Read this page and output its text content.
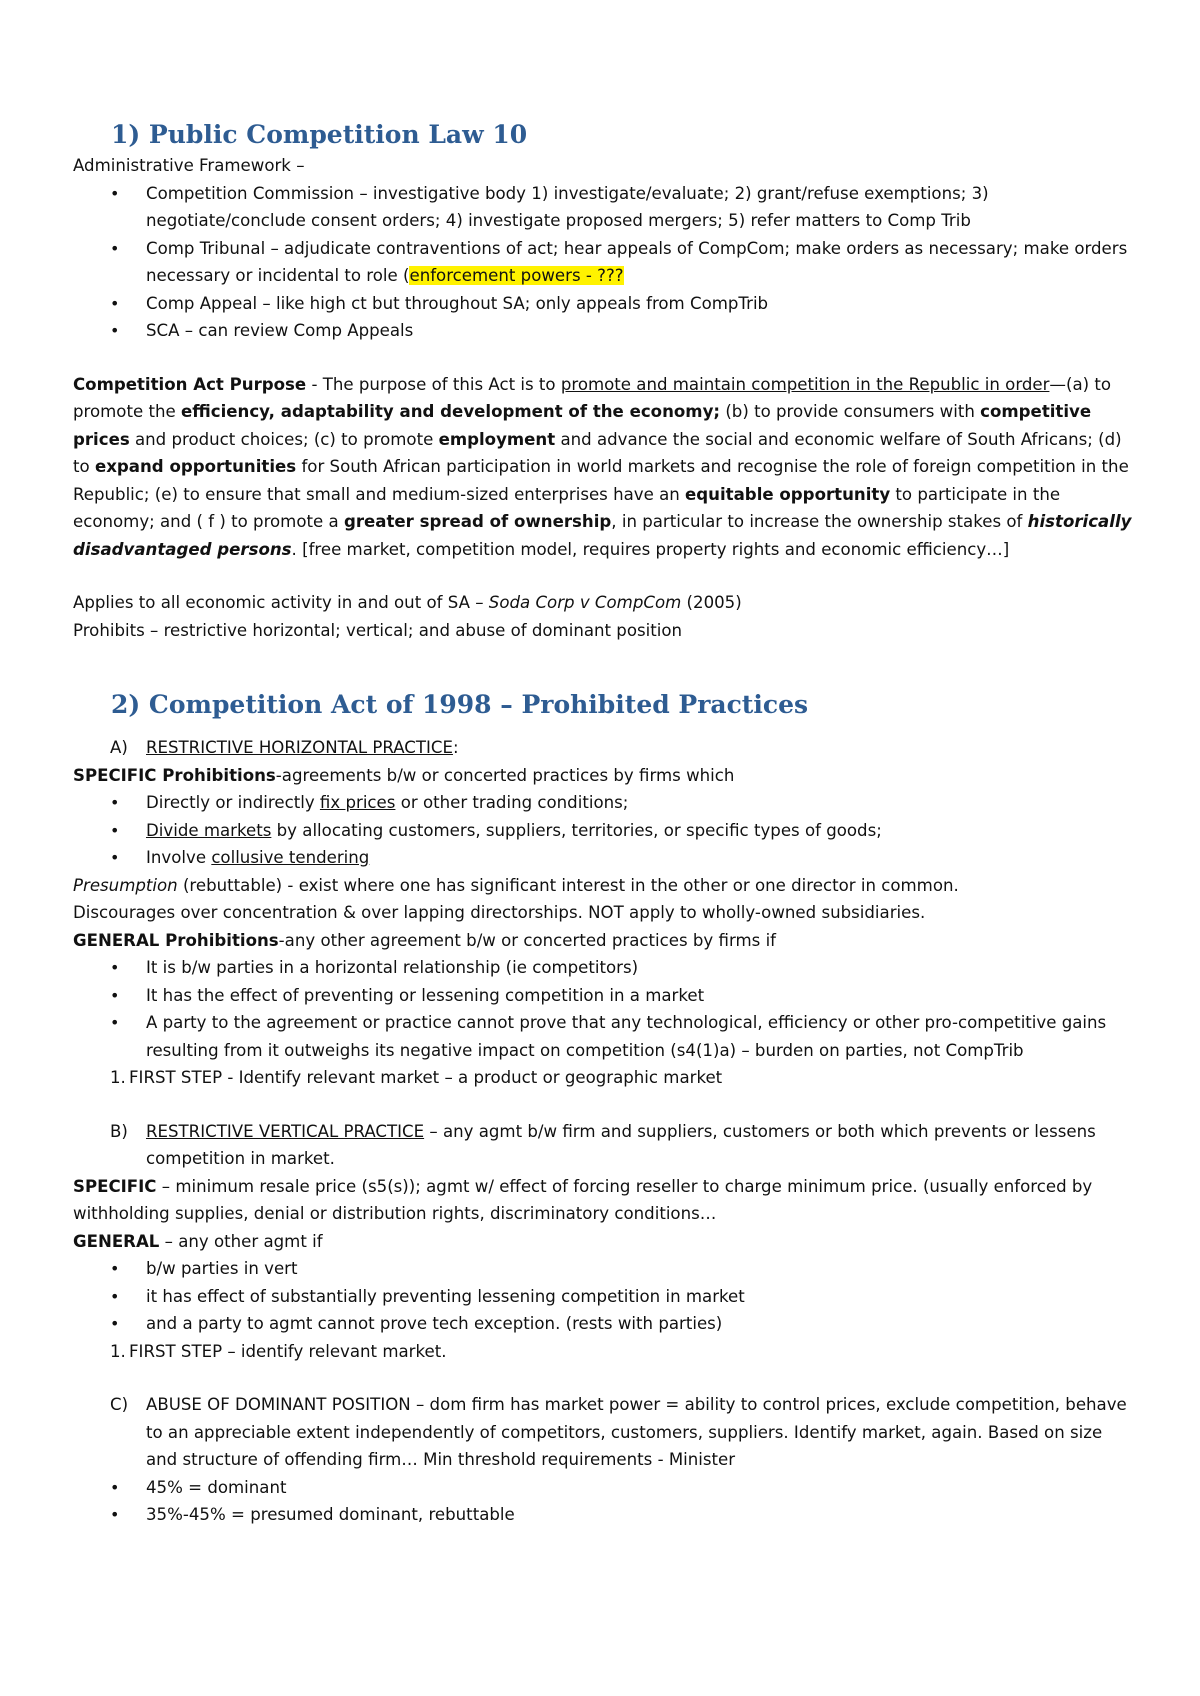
1) Public Competition Law 10

Administrative Framework –

• Competition Commission – investigative body 1) investigate/evaluate; 2) grant/refuse exemptions; 3) negotiate/conclude consent orders; 4) investigate proposed mergers; 5) refer matters to Comp Trib
• Comp Tribunal – adjudicate contraventions of act; hear appeals of CompCom; make orders as necessary; make orders necessary or incidental to role (enforcement powers - ???
• Comp Appeal – like high ct but throughout SA; only appeals from CompTrib
• SCA – can review Comp Appeals

Competition Act Purpose - The purpose of this Act is to promote and maintain competition in the Republic in order—(a) to promote the efficiency, adaptability and development of the economy; (b) to provide consumers with competitive prices and product choices; (c) to promote employment and advance the social and economic welfare of South Africans; (d) to expand opportunities for South African participation in world markets and recognise the role of foreign competition in the Republic; (e) to ensure that small and medium-sized enterprises have an equitable opportunity to participate in the economy; and ( f ) to promote a greater spread of ownership, in particular to increase the ownership stakes of historically disadvantaged persons. [free market, competition model, requires property rights and economic efficiency…]

Applies to all economic activity in and out of SA – Soda Corp v CompCom (2005)

Prohibits – restrictive horizontal; vertical; and abuse of dominant position

2) Competition Act of 1998 – Prohibited Practices

A) RESTRICTIVE HORIZONTAL PRACTICE:

SPECIFIC Prohibitions-agreements b/w or concerted practices by firms which

• Directly or indirectly fix prices or other trading conditions;
• Divide markets by allocating customers, suppliers, territories, or specific types of goods;
• Involve collusive tendering

Presumption (rebuttable) - exist where one has significant interest in the other or one director in common.

Discourages over concentration & over lapping directorships. NOT apply to wholly-owned subsidiaries.

GENERAL Prohibitions-any other agreement b/w or concerted practices by firms if

• It is b/w parties in a horizontal relationship (ie competitors)
• It has the effect of preventing or lessening competition in a market
• A party to the agreement or practice cannot prove that any technological, efficiency or other pro-competitive gains resulting from it outweighs its negative impact on competition (s4(1)a) – burden on parties, not CompTrib

1. FIRST STEP - Identify relevant market – a product or geographic market

B) RESTRICTIVE VERTICAL PRACTICE – any agmt b/w firm and suppliers, customers or both which prevents or lessens competition in market.

SPECIFIC – minimum resale price (s5(s)); agmt w/ effect of forcing reseller to charge minimum price. (usually enforced by withholding supplies, denial or distribution rights, discriminatory conditions…

GENERAL – any other agmt if

• b/w parties in vert
• it has effect of substantially preventing lessening competition in market
• and a party to agmt cannot prove tech exception. (rests with parties)

1. FIRST STEP – identify relevant market.

C) ABUSE OF DOMINANT POSITION – dom firm has market power = ability to control prices, exclude competition, behave to an appreciable extent independently of competitors, customers, suppliers. Identify market, again. Based on size and structure of offending firm… Min threshold requirements - Minister

• 45% = dominant
• 35%-45% = presumed dominant, rebuttable
